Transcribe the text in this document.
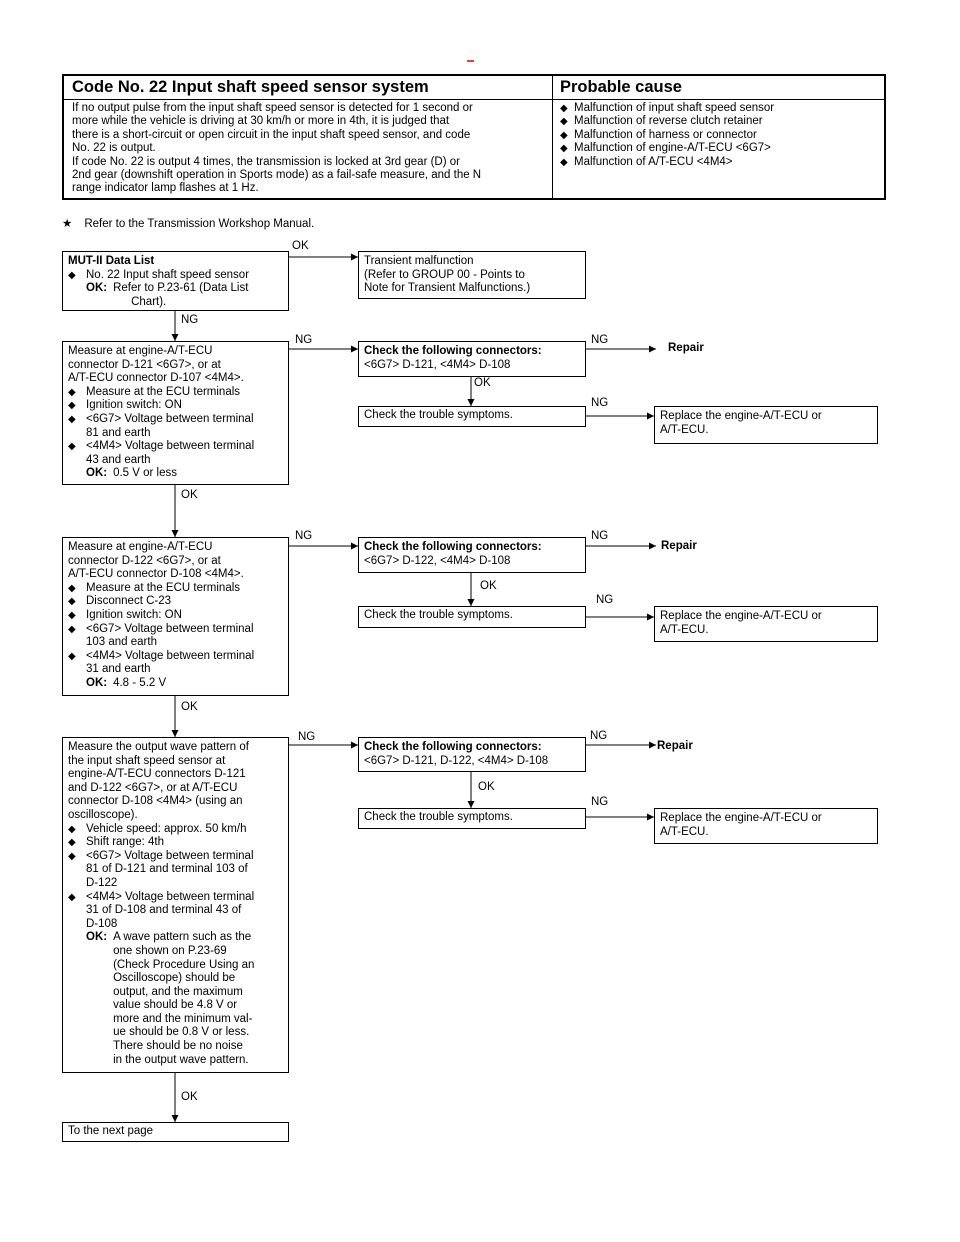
Code No. 22 Input shaft speed sensor system	Probable cause
If no output pulse from the input shaft speed sensor is detected for 1 second or
more while the vehicle is driving at 30 km/h or more in 4th, it is judged that
there is a short-circuit or open circuit in the input shaft speed sensor, and code
No. 22 is output.
If code No. 22 is output 4 times, the transmission is locked at 3rd gear (D) or
2nd gear (downshift operation in Sports mode) as a fail-safe measure, and the N
range indicator lamp flashes at 1 Hz.
◆ Malfunction of input shaft speed sensor
◆ Malfunction of reverse clutch retainer
◆ Malfunction of harness or connector
◆ Malfunction of engine-A/T-ECU <6G7>
◆ Malfunction of A/T-ECU <4M4>
★ Refer to the Transmission Workshop Manual.
MUT-II Data List
◆ No. 22 Input shaft speed sensor
OK: Refer to P.23-61 (Data List
Chart).
Transient malfunction
(Refer to GROUP 00 - Points to
Note for Transient Malfunctions.)
Measure at engine-A/T-ECU
connector D-121 <6G7>, or at
A/T-ECU connector D-107 <4M4>.
◆ Measure at the ECU terminals
◆ Ignition switch: ON
◆ <6G7> Voltage between terminal
81 and earth
◆ <4M4> Voltage between terminal
43 and earth
OK: 0.5 V or less
Check the following connectors:
<6G7> D-121, <4M4> D-108
Check the trouble symptoms.	Replace the engine-A/T-ECU or
A/T-ECU.
Measure at engine-A/T-ECU
connector D-122 <6G7>, or at
A/T-ECU connector D-108 <4M4>.
◆ Measure at the ECU terminals
◆ Disconnect C-23
◆ Ignition switch: ON
◆ <6G7> Voltage between terminal
103 and earth
◆ <4M4> Voltage between terminal
31 and earth
OK: 4.8 - 5.2 V
Check the following connectors:
<6G7> D-122, <4M4> D-108
Check the trouble symptoms.	Replace the engine-A/T-ECU or
A/T-ECU.
Measure the output wave pattern of
the input shaft speed sensor at
engine-A/T-ECU connectors D-121
and D-122 <6G7>, or at A/T-ECU
connector D-108 <4M4> (using an
oscilloscope).
◆ Vehicle speed: approx. 50 km/h
◆ Shift range: 4th
◆ <6G7> Voltage between terminal
81 of D-121 and terminal 103 of
D-122
◆ <4M4> Voltage between terminal
31 of D-108 and terminal 43 of
D-108
OK: A wave pattern such as the
one shown on P.23-69
(Check Procedure Using an
Oscilloscope) should be
output, and the maximum
value should be 4.8 V or
more and the minimum val-
ue should be 0.8 V or less.
There should be no noise
in the output wave pattern.
Check the following connectors:
<6G7> D-121, D-122, <4M4> D-108
Check the trouble symptoms.	Replace the engine-A/T-ECU or
A/T-ECU.
To the next page
OK
NG
NG	NG
Repair
OK
NG
OK
NG	NG
Repair
OK
NG
OK
NG	NG
Repair
OK
NG
OK
